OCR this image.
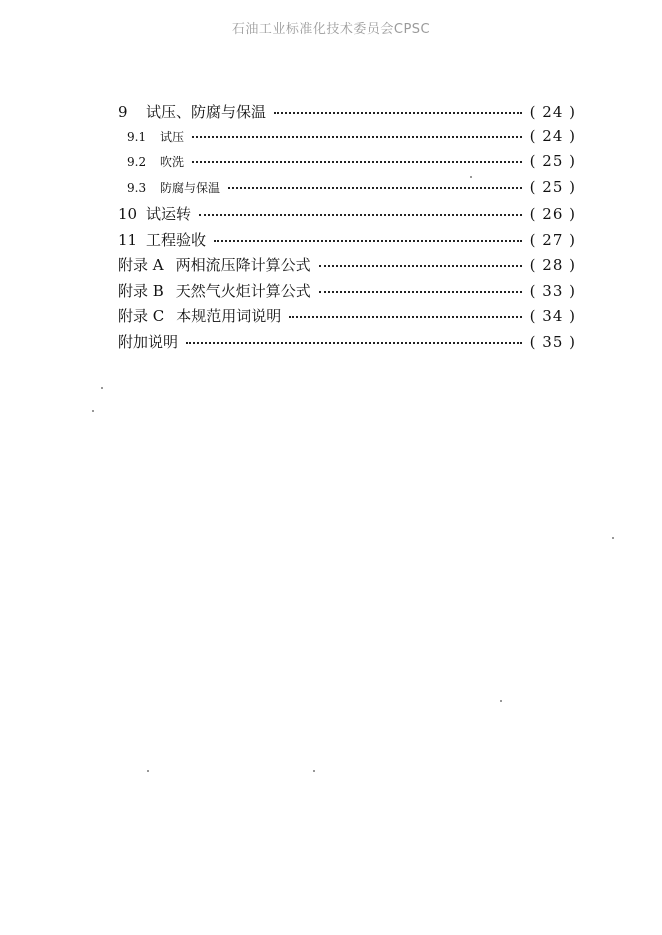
石油工业标准化技术委员会CPSC
9	试压、防腐与保温	( 24 )
9.1	试压	( 24 )
9.2	吹洗	( 25 )
9.3	防腐与保温	( 25 )
10 试运转	( 26 )
11 工程验收	( 27 )
附录 A 两相流压降计算公式	( 28 )
附录 B 天然气火炬计算公式	( 33 )
附录 C 本规范用词说明	( 34 )
附加说明	( 35 )
